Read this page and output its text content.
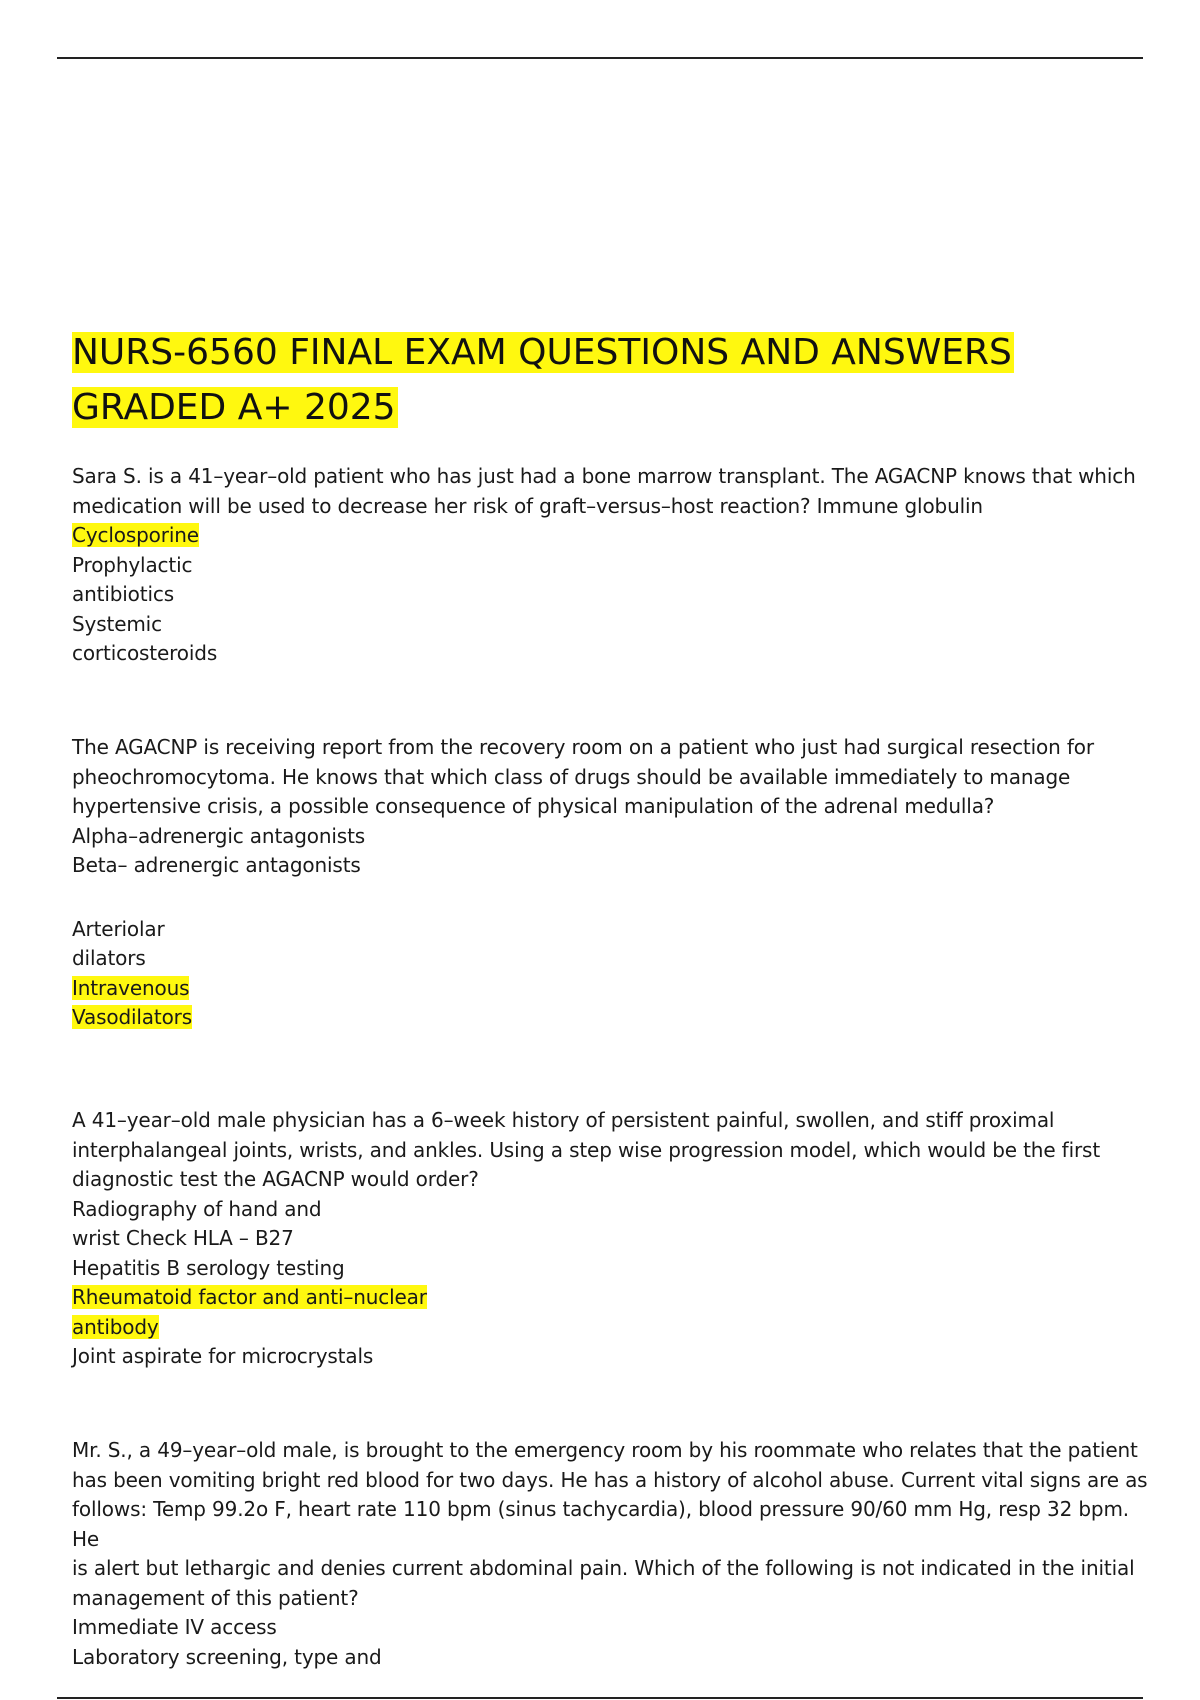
NURS-6560 FINAL EXAM QUESTIONS AND ANSWERS
GRADED A+ 2025
Sara S. is a 41–year–old patient who has just had a bone marrow transplant. The AGACNP knows that which
medication will be used to decrease her risk of graft–versus–host reaction? Immune globulin
Cyclosporine
Prophylactic
antibiotics
Systemic
corticosteroids
The AGACNP is receiving report from the recovery room on a patient who just had surgical resection for
pheochromocytoma. He knows that which class of drugs should be available immediately to manage
hypertensive crisis, a possible consequence of physical manipulation of the adrenal medulla?
Alpha–adrenergic antagonists
Beta– adrenergic antagonists
Arteriolar
dilators
Intravenous
Vasodilators
A 41–year–old male physician has a 6–week history of persistent painful, swollen, and stiff proximal
interphalangeal joints, wrists, and ankles. Using a step wise progression model, which would be the first
diagnostic test the AGACNP would order?
Radiography of hand and
wrist Check HLA – B27
Hepatitis B serology testing
Rheumatoid factor and anti–nuclear
antibody
Joint aspirate for microcrystals
Mr. S., a 49–year–old male, is brought to the emergency room by his roommate who relates that the patient
has been vomiting bright red blood for two days. He has a history of alcohol abuse. Current vital signs are as
follows: Temp 99.2o F, heart rate 110 bpm (sinus tachycardia), blood pressure 90/60 mm Hg, resp 32 bpm. He
is alert but lethargic and denies current abdominal pain. Which of the following is not indicated in the initial
management of this patient?
Immediate IV access
Laboratory screening, type and
